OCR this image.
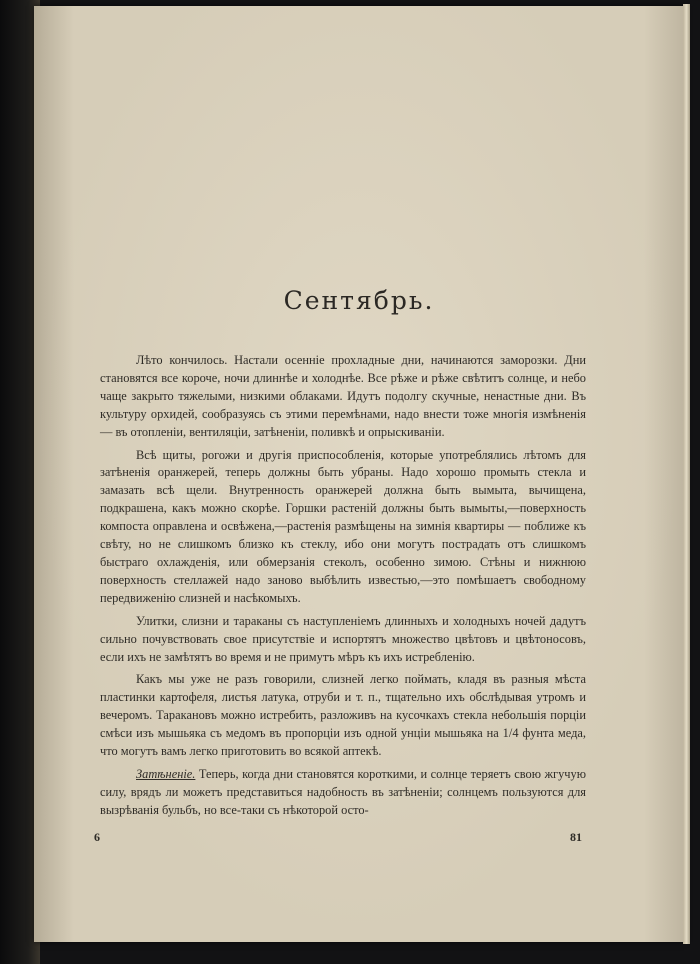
Сентябрь.

Лѣто кончилось. Настали осеннiе прохладные дни, начинаются заморозки. Дни становятся все короче, ночи длиннѣе и холоднѣе. Все рѣже и рѣже свѣтитъ солнце, и небо чаще закрыто тяжелыми, низкими облаками. Идутъ подолгу скучные, ненастные дни. Въ культуру орхидей, сообразуясь съ этими перемѣнами, надо внести тоже многiя измѣненiя — въ отопленiи, вентиляцiи, затѣненiи, поливкѣ и опрыскиванiи.

Всѣ щиты, рогожи и другiя приспособленiя, которые употреблялись лѣтомъ для затѣненiя оранжерей, теперь должны быть убраны. Надо хорошо промыть стекла и замазать всѣ щели. Внутренность оранжерей должна быть вымыта, вычищена, подкрашена, какъ можно скорѣе. Горшки растенiй должны быть вымыты,—поверхность компоста оправлена и освѣжена,—растенiя размѣщены на зимнiя квартиры — поближе къ свѣту, но не слишкомъ близко къ стеклу, ибо они могутъ пострадать отъ слишкомъ быстраго охлажденiя, или обмерзанiя стеколъ, особенно зимою. Стѣны и нижнюю поверхность стеллажей надо заново выбѣлить известью,—это помѣшаетъ свободному передвиженiю слизней и насѣкомыхъ.

Улитки, слизни и тараканы съ наступленiемъ длинныхъ и холодныхъ ночей дадутъ сильно почувствовать свое присутствiе и испортятъ множество цвѣтовъ и цвѣтоносовъ, если ихъ не замѣтятъ во время и не примутъ мѣръ къ ихъ истребленiю.

Какъ мы уже не разъ говорили, слизней легко поймать, кладя въ разныя мѣста пластинки картофеля, листья латука, отруби и т. п., тщательно ихъ обслѣдывая утромъ и вечеромъ. Таракановъ можно истребить, разложивъ на кусочкахъ стекла небольшiя порцiи смѣси изъ мышьяка съ медомъ въ пропорцiи изъ одной унцiи мышьяка на 1/4 фунта меда, что могутъ вамъ легко приготовить во всякой аптекѣ.

Затѣненiе. Теперь, когда дни становятся короткими, и солнце теряетъ свою жгучую силу, врядъ ли можетъ представиться надобность въ затѣненiи; солнцемъ пользуются для вызрѣванiя бульбъ, но все-таки съ нѣкоторой осто-

6	81
